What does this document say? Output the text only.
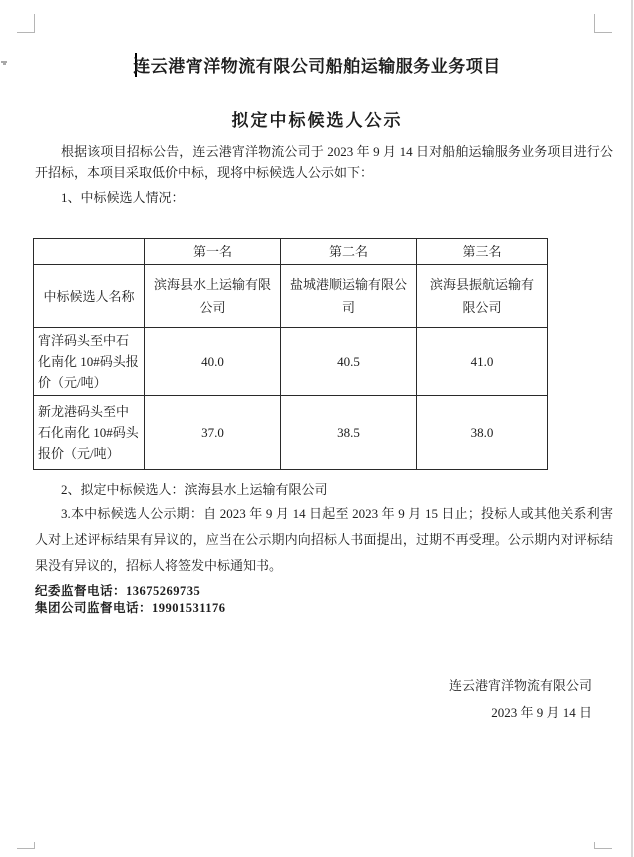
连云港宵洋物流有限公司船舶运输服务业务项目
拟定中标候选人公示
根据该项目招标公告，连云港宵洋物流公司于 2023 年 9 月 14 日对船舶运输服务业务项目进行公开招标，本项目采取低价中标，现将中标候选人公示如下：
1、中标候选人情况：
	第一名	第二名	第三名
中标候选人名称	滨海县水上运输有限公司	盐城港顺运输有限公司	滨海县振航运输有限公司
宵洋码头至中石化南化 10#码头报价（元/吨）	40.0	40.5	41.0
新龙港码头至中石化南化 10#码头报价（元/吨）	37.0	38.5	38.0
2、拟定中标候选人：滨海县水上运输有限公司
3.本中标候选人公示期：自 2023 年 9 月 14 日起至 2023 年 9 月 15 日止；投标人或其他关系利害人对上述评标结果有异议的，应当在公示期内向招标人书面提出，过期不再受理。公示期内对评标结果没有异议的，招标人将签发中标通知书。
纪委监督电话：13675269735
集团公司监督电话：19901531176

连云港宵洋物流有限公司

2023 年 9 月 14 日
